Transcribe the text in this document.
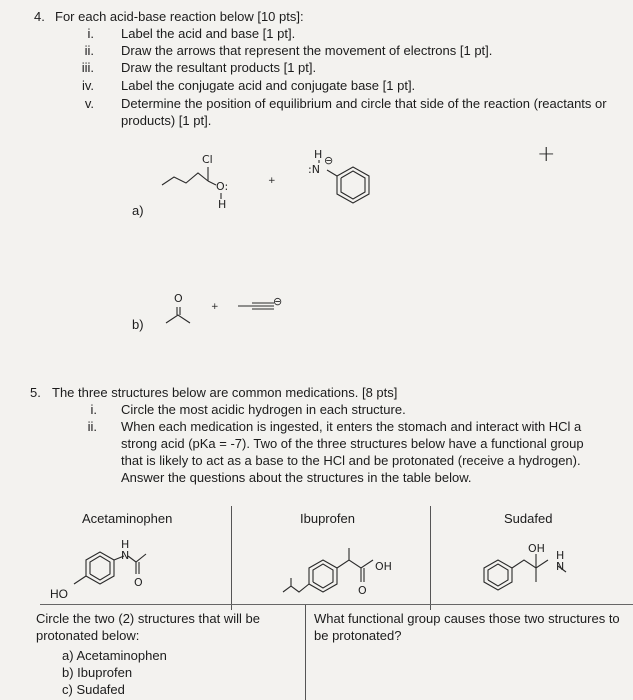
4. For each acid-base reaction below [10 pts]:
i. Label the acid and base [1 pt].
ii. Draw the arrows that represent the movement of electrons [1 pt].
iii. Draw the resultant products [1 pt].
iv. Label the conjugate acid and conjugate base [1 pt].
v. Determine the position of equilibrium and circle that side of the reaction (reactants or products) [1 pt].
a)
Cl
O:
H
+
H
:N
⊖	+
b)
O
+	⊖
5. The three structures below are common medications. [8 pts]
i. Circle the most acidic hydrogen in each structure.
ii. When each medication is ingested, it enters the stomach and interact with HCl a strong acid (pKa = -7). Two of the three structures below have a functional group that is likely to act as a base to the HCl and be protonated (receive a hydrogen). Answer the questions about the structures in the table below.
Acetaminophen	Ibuprofen	Sudafed
HO
H
N
O
OH
O
OH
H
N
Circle the two (2) structures that will be protonated below:
a) Acetaminophen
b) Ibuprofen
c) Sudafed
What functional group causes those two structures to be protonated?
